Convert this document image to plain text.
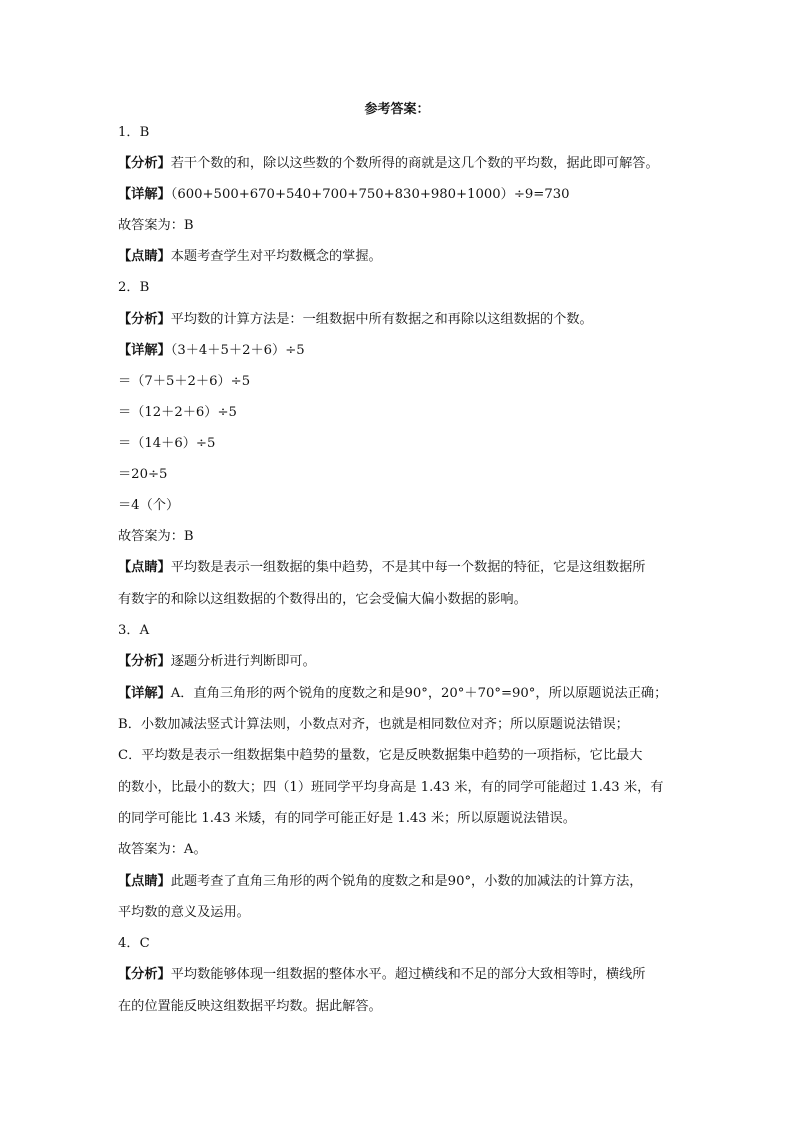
参考答案：
1．B
【分析】若干个数的和，除以这些数的个数所得的商就是这几个数的平均数，据此即可解答。
【详解】（600+500+670+540+700+750+830+980+1000）÷9=730
故答案为：B
【点睛】本题考查学生对平均数概念的掌握。
2．B
【分析】平均数的计算方法是：一组数据中所有数据之和再除以这组数据的个数。
【详解】（3＋4＋5＋2＋6）÷5
＝（7＋5＋2＋6）÷5
＝（12＋2＋6）÷5
＝（14＋6）÷5
＝20÷5
＝4（个）
故答案为：B
【点睛】平均数是表示一组数据的集中趋势，不是其中每一个数据的特征，它是这组数据所
有数字的和除以这组数据的个数得出的，它会受偏大偏小数据的影响。
3．A
【分析】逐题分析进行判断即可。
【详解】A．直角三角形的两个锐角的度数之和是90°，20°＋70°=90°，所以原题说法正确；
B．小数加减法竖式计算法则，小数点对齐，也就是相同数位对齐；所以原题说法错误；
C．平均数是表示一组数据集中趋势的量数，它是反映数据集中趋势的一项指标，它比最大
的数小，比最小的数大；四（1）班同学平均身高是 1.43 米，有的同学可能超过 1.43 米，有
的同学可能比 1.43 米矮，有的同学可能正好是 1.43 米；所以原题说法错误。
故答案为：A。
【点睛】此题考查了直角三角形的两个锐角的度数之和是90°，小数的加减法的计算方法，
平均数的意义及运用。
4．C
【分析】平均数能够体现一组数据的整体水平。超过横线和不足的部分大致相等时，横线所
在的位置能反映这组数据平均数。据此解答。
